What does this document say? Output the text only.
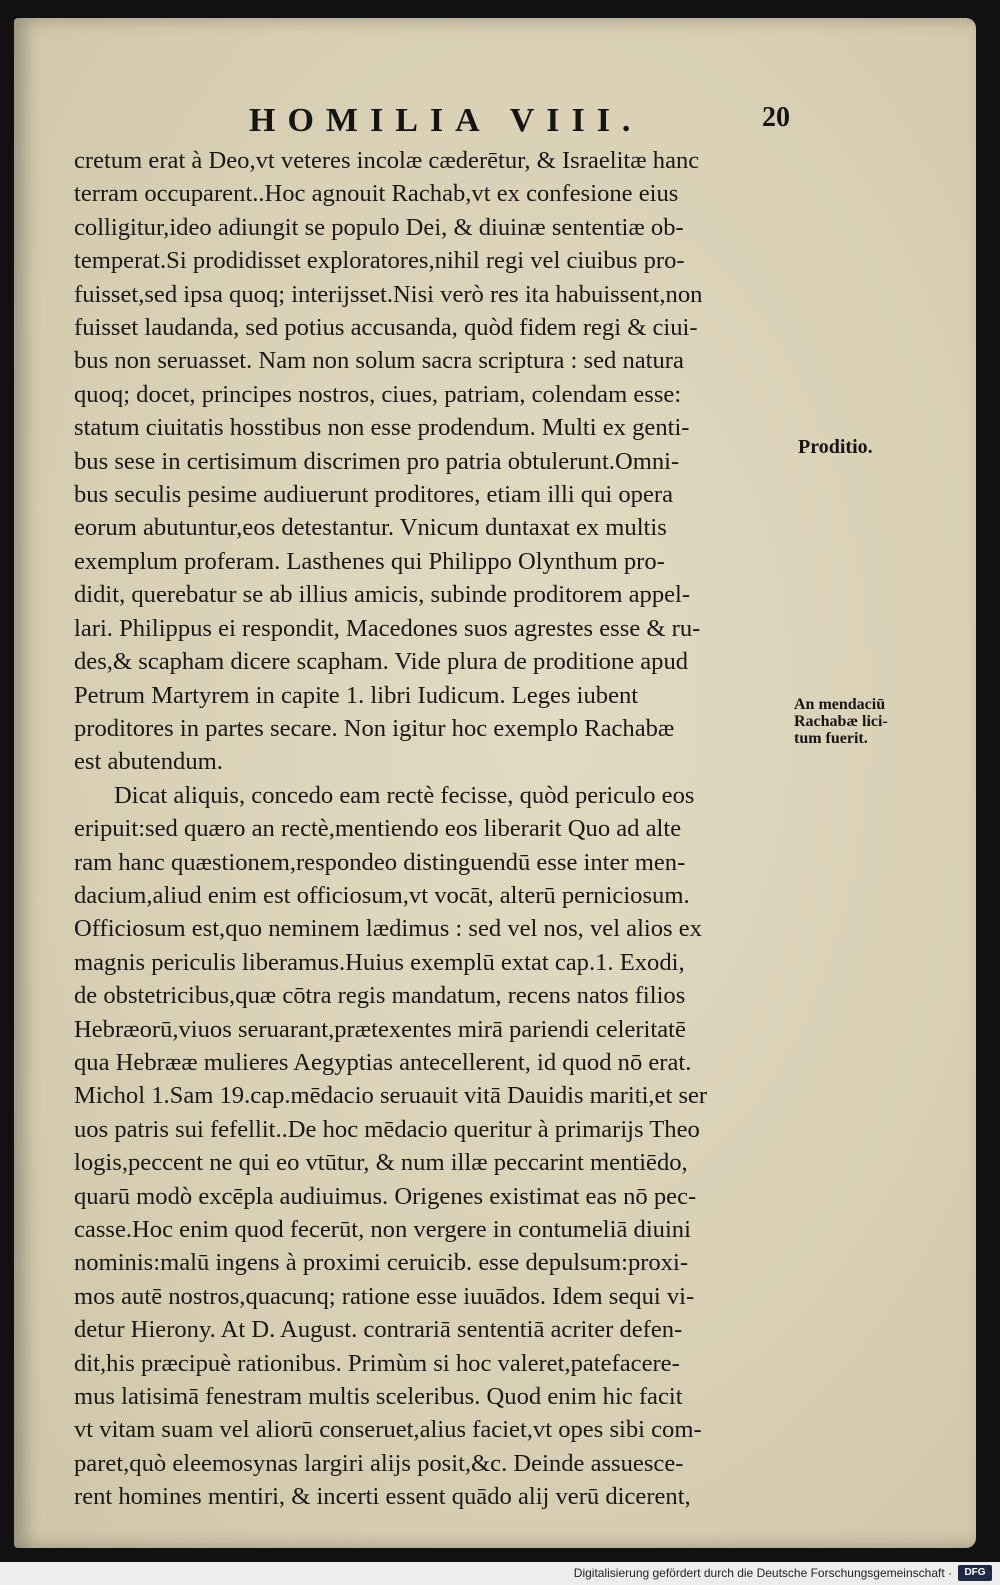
HOMILIA VIII.	20
cretum erat à Deo,vt veteres incolæ cæderētur, & Israelitæ hanc
terram occuparent..Hoc agnouit Rachab,vt ex confesione eius
colligitur,ideo adiungit se populo Dei, & diuinæ sententiæ ob-
temperat.Si prodidisset exploratores,nihil regi vel ciuibus pro-
fuisset,sed ipsa quoq; interijsset.Nisi verò res ita habuissent,non
fuisset laudanda, sed potius accusanda, quòd fidem regi & ciui-
bus non seruasset. Nam non solum sacra scriptura : sed natura
quoq; docet, principes nostros, ciues, patriam, colendam esse:
statum ciuitatis hosstibus non esse prodendum. Multi ex genti-
bus sese in certisimum discrimen pro patria obtulerunt.Omni-
bus seculis pesime audiuerunt proditores, etiam illi qui opera
eorum abutuntur,eos detestantur. Vnicum duntaxat ex multis
exemplum proferam. Lasthenes qui Philippo Olynthum pro-
didit, querebatur se ab illius amicis, subinde proditorem appel-
lari. Philippus ei respondit, Macedones suos agrestes esse & ru-
des,& scapham dicere scapham. Vide plura de proditione apud
Petrum Martyrem in capite 1. libri Iudicum. Leges iubent
proditores in partes secare. Non igitur hoc exemplo Rachabæ
est abutendum.
Dicat aliquis, concedo eam rectè fecisse, quòd periculo eos
eripuit:sed quæro an rectè,mentiendo eos liberarit Quo ad alte
ram hanc quæstionem,respondeo distinguendū esse inter men-
dacium,aliud enim est officiosum,vt vocāt, alterū perniciosum.
Officiosum est,quo neminem lædimus : sed vel nos, vel alios ex
magnis periculis liberamus.Huius exemplū extat cap.1. Exodi,
de obstetricibus,quæ cōtra regis mandatum, recens natos filios
Hebræorū,viuos seruarant,prætexentes mirā pariendi celeritatē
qua Hebrææ mulieres Aegyptias antecellerent, id quod nō erat.
Michol 1.Sam 19.cap.mēdacio seruauit vitā Dauidis mariti,et ser
uos patris sui fefellit..De hoc mēdacio queritur à primarijs Theo
logis,peccent ne qui eo vtūtur, & num illæ peccarint mentiēdo,
quarū modò excēpla audiuimus. Origenes existimat eas nō pec-
casse.Hoc enim quod fecerūt, non vergere in contumeliā diuini
nominis:malū ingens à proximi ceruicib. esse depulsum:proxi-
mos autē nostros,quacunq; ratione esse iuuādos. Idem sequi vi-
detur Hierony. At D. August. contrariā sententiā acriter defen-
dit,his præcipuè rationibus. Primùm si hoc valeret,patefacere-
mus latisimā fenestram multis sceleribus. Quod enim hic facit
vt vitam suam vel aliorū conseruet,alius faciet,vt opes sibi com-
paret,quò eleemosynas largiri alijs posit,&c. Deinde assuesce-
rent homines mentiri, & incerti essent quādo alij verū dicerent,
Proditio.
An mendaciū
Rachabæ lici-
tum fuerit.
Digitalisierung gefördert durch die Deutsche Forschungsgemeinschaft ·	DFG
